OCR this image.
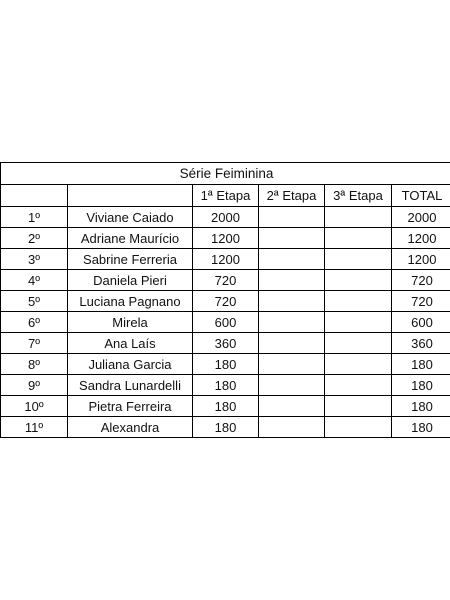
Série Feiminina					
		1ª Etapa	2ª Etapa	3ª Etapa	TOTAL
1º	Viviane Caiado	2000			2000
2º	Adriane Maurício	1200			1200
3º	Sabrine Ferreria	1200			1200
4º	Daniela Pieri	720			720
5º	Luciana Pagnano	720			720
6º	Mirela	600			600
7º	Ana Laís	360			360
8º	Juliana Garcia	180			180
9º	Sandra Lunardelli	180			180
10º	Pietra Ferreira	180			180
11º	Alexandra	180			180
